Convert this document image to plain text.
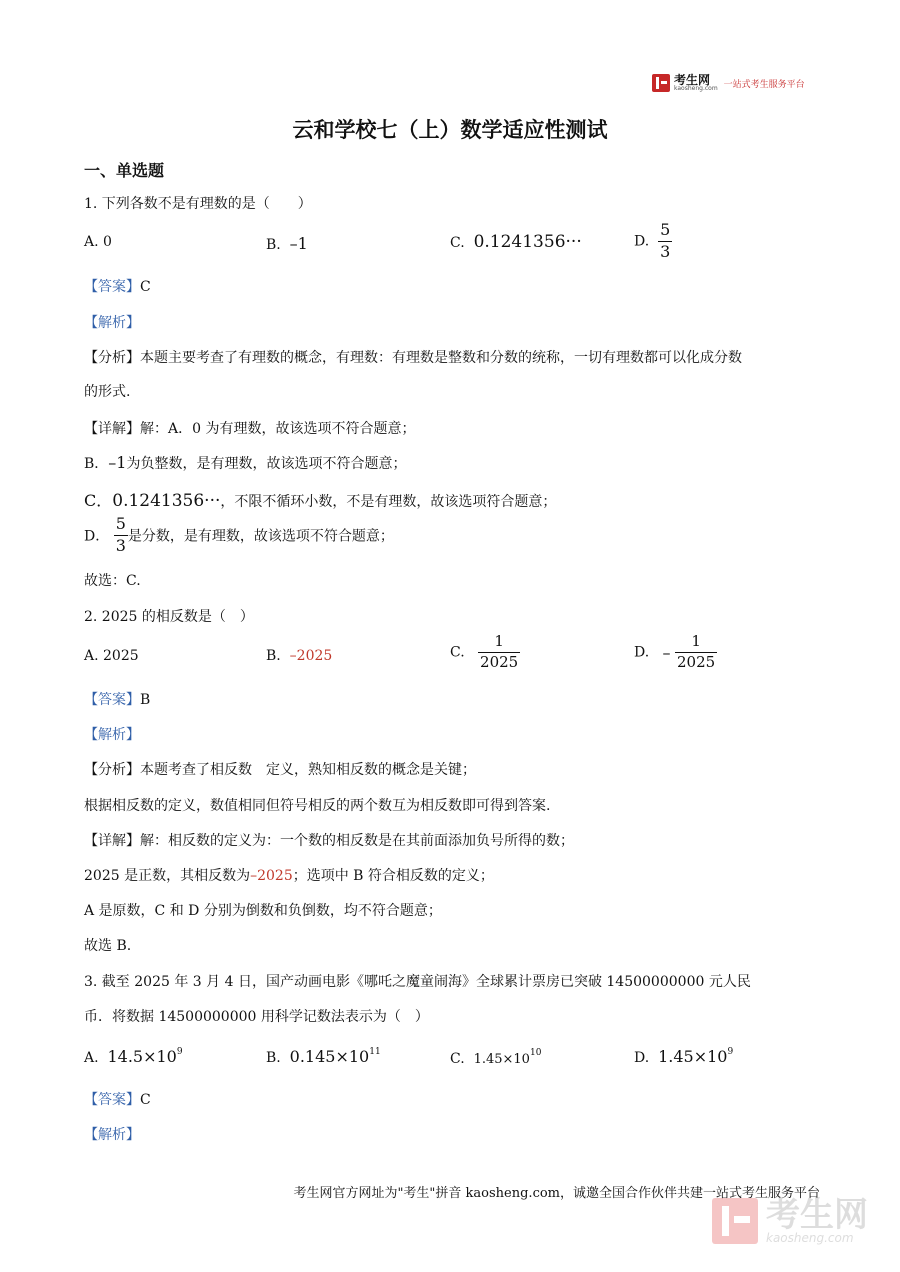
考生网
kaosheng.com 一站式考生服务平台
云和学校七（上）数学适应性测试
一、单选题
1. 下列各数不是有理数的是（　　）
A. 0	B. –1	C. 0.1241356···	D. $\frac{5}{3}$
【答案】C
【解析】
【分析】本题主要考查了有理数的概念，有理数：有理数是整数和分数的统称，一切有理数都可以化成分数
的形式.
【详解】解：A．0 为有理数，故该选项不符合题意；
B．–1为负整数，是有理数，故该选项不符合题意；
C．0.1241356···，不限不循环小数，不是有理数，故该选项符合题意；
D． $\frac{5}{3}$ 是分数，是有理数，故该选项不符合题意；
故选：C.
2. 2025 的相反数是（　）
A. 2025	B. –2025	C. $\frac{1}{2025}$	D. – $\frac{1}{2025}$
【答案】B
【解析】
【分析】本题考查了相反数　定义，熟知相反数的概念是关键；
根据相反数的定义，数值相同但符号相反的两个数互为相反数即可得到答案.
【详解】解：相反数的定义为：一个数的相反数是在其前面添加负号所得的数；
2025 是正数，其相反数为–2025；选项中 B 符合相反数的定义；
A 是原数，C 和 D 分别为倒数和负倒数，均不符合题意；
故选 B.
3. 截至 2025 年 3 月 4 日，国产动画电影《哪吒之魔童闹海》全球累计票房已突破 14500000000 元人民
币．将数据 14500000000 用科学记数法表示为（　）
A. $14.5\times 10^9$	B. $0.145\times 10^{11}$	C. $1.45\times 10^{10}$	D. $1.45\times 10^9$
【答案】C
【解析】
考生网官方网址为"考生"拼音 kaosheng.com，诚邀全国合作伙伴共建一站式考生服务平台
考生网
kaosheng.com
